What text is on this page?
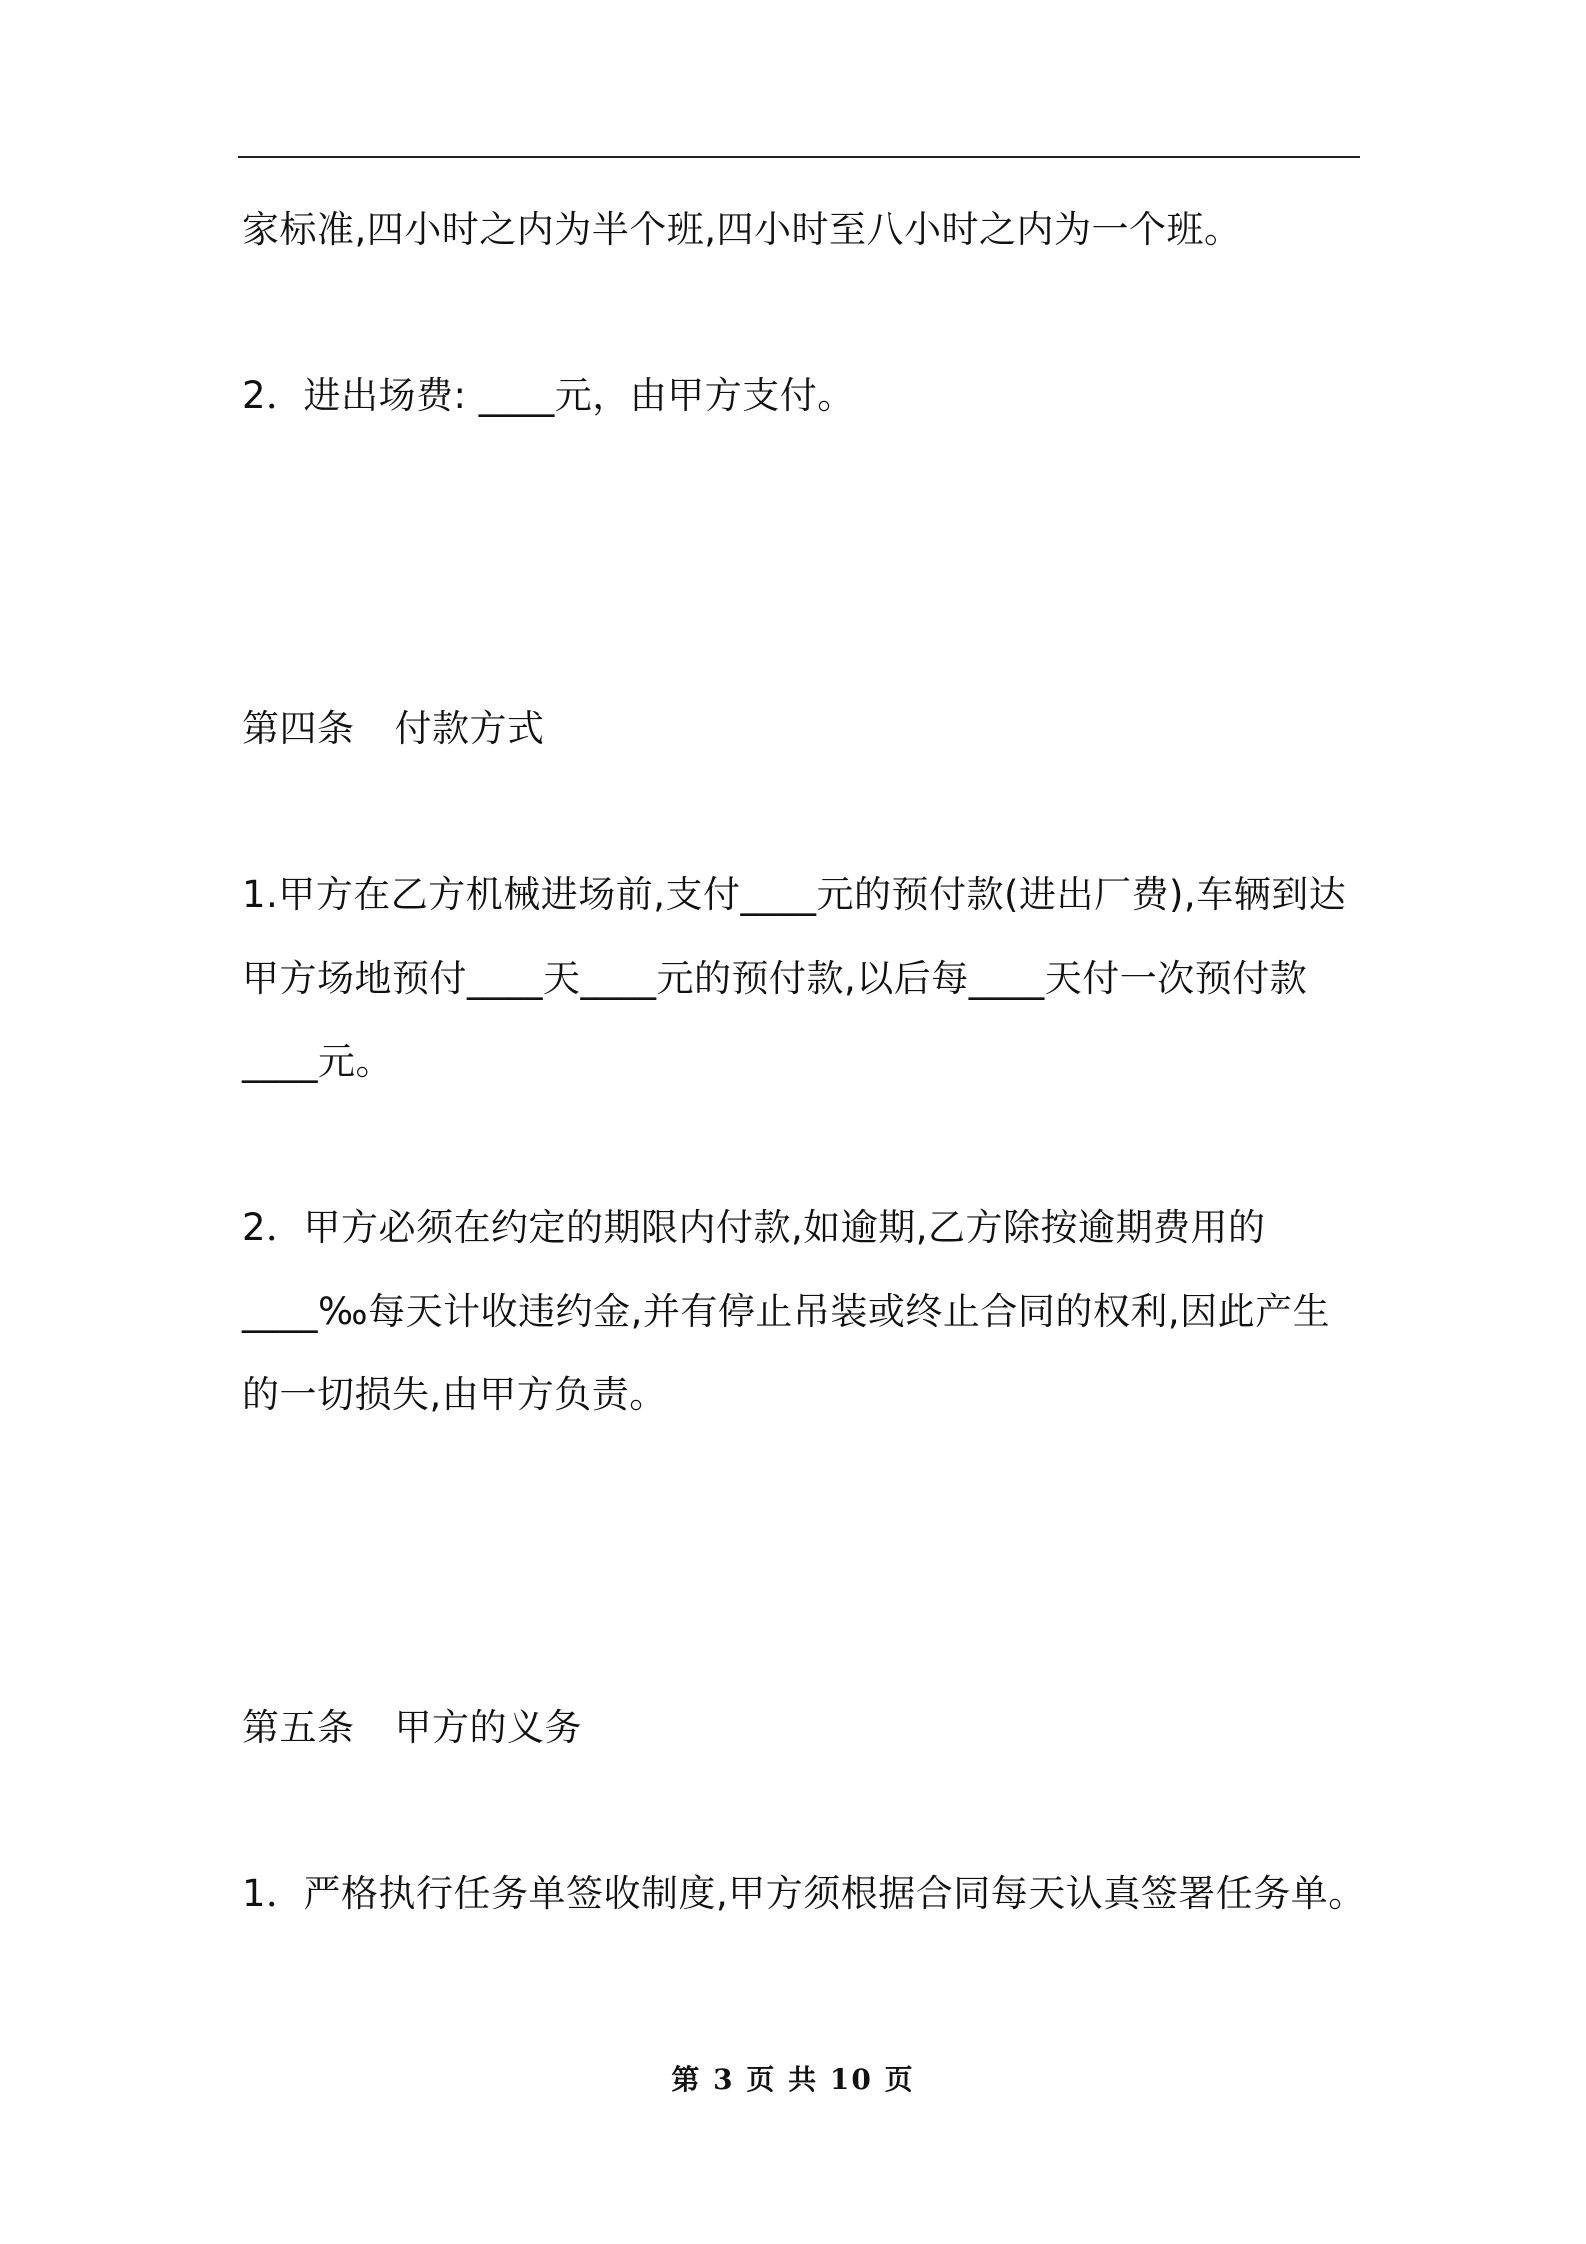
家标准,四小时之内为半个班,四小时至八小时之内为一个班。
2．进出场费: ____元，由甲方支付。
第四条 付款方式
1.甲方在乙方机械进场前,支付____元的预付款(进出厂费),车辆到达
甲方场地预付____天____元的预付款,以后每____天付一次预付款
____元。
2．甲方必须在约定的期限内付款,如逾期,乙方除按逾期费用的
____‰每天计收违约金,并有停止吊装或终止合同的权利,因此产生
的一切损失,由甲方负责。
第五条 甲方的义务
1．严格执行任务单签收制度,甲方须根据合同每天认真签署任务单。
第 3 页 共 10 页
